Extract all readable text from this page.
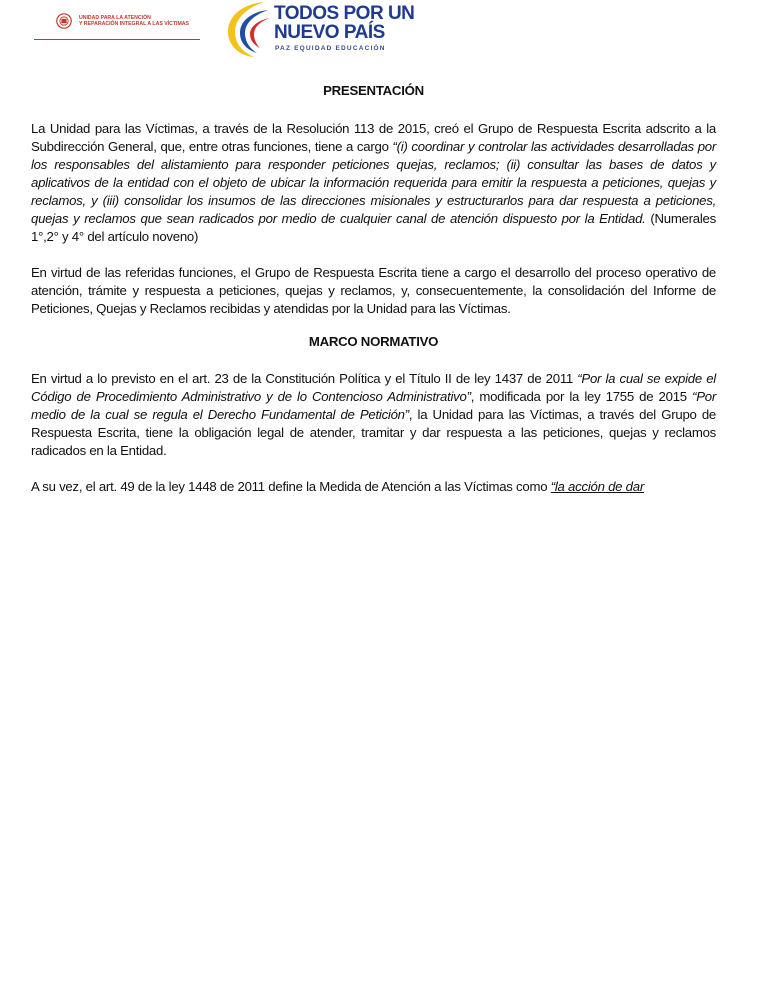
UNIDAD PARA LA ATENCIÓN
Y REPARACIÓN INTEGRAL A LAS VÍCTIMAS	TODOS POR UN
NUEVO PAÍS
PAZ EQUIDAD EDUCACIÓN
PRESENTACIÓN

La Unidad para las Víctimas, a través de la Resolución 113 de 2015, creó el Grupo de Respuesta Escrita adscrito a la Subdirección General, que, entre otras funciones, tiene a cargo “(i) coordinar y controlar las actividades desarrolladas por los responsables del alistamiento para responder peticiones quejas, reclamos; (ii) consultar las bases de datos y aplicativos de la entidad con el objeto de ubicar la información requerida para emitir la respuesta a peticiones, quejas y reclamos, y (iii) consolidar los insumos de las direcciones misionales y estructurarlos para dar respuesta a peticiones, quejas y reclamos que sean radicados por medio de cualquier canal de atención dispuesto por la Entidad. (Numerales 1°,2° y 4° del artículo noveno)

En virtud de las referidas funciones, el Grupo de Respuesta Escrita tiene a cargo el desarrollo del proceso operativo de atención, trámite y respuesta a peticiones, quejas y reclamos, y, consecuentemente, la consolidación del Informe de Peticiones, Quejas y Reclamos recibidas y atendidas por la Unidad para las Víctimas.

MARCO NORMATIVO

En virtud a lo previsto en el art. 23 de la Constitución Política y el Título II de ley 1437 de 2011 “Por la cual se expide el Código de Procedimiento Administrativo y de lo Contencioso Administrativo”, modificada por la ley 1755 de 2015 “Por medio de la cual se regula el Derecho Fundamental de Petición”, la Unidad para las Víctimas, a través del Grupo de Respuesta Escrita, tiene la obligación legal de atender, tramitar y dar respuesta a las peticiones, quejas y reclamos radicados en la Entidad.

A su vez, el art. 49 de la ley 1448 de 2011 define la Medida de Atención a las Víctimas como “la acción de dar
